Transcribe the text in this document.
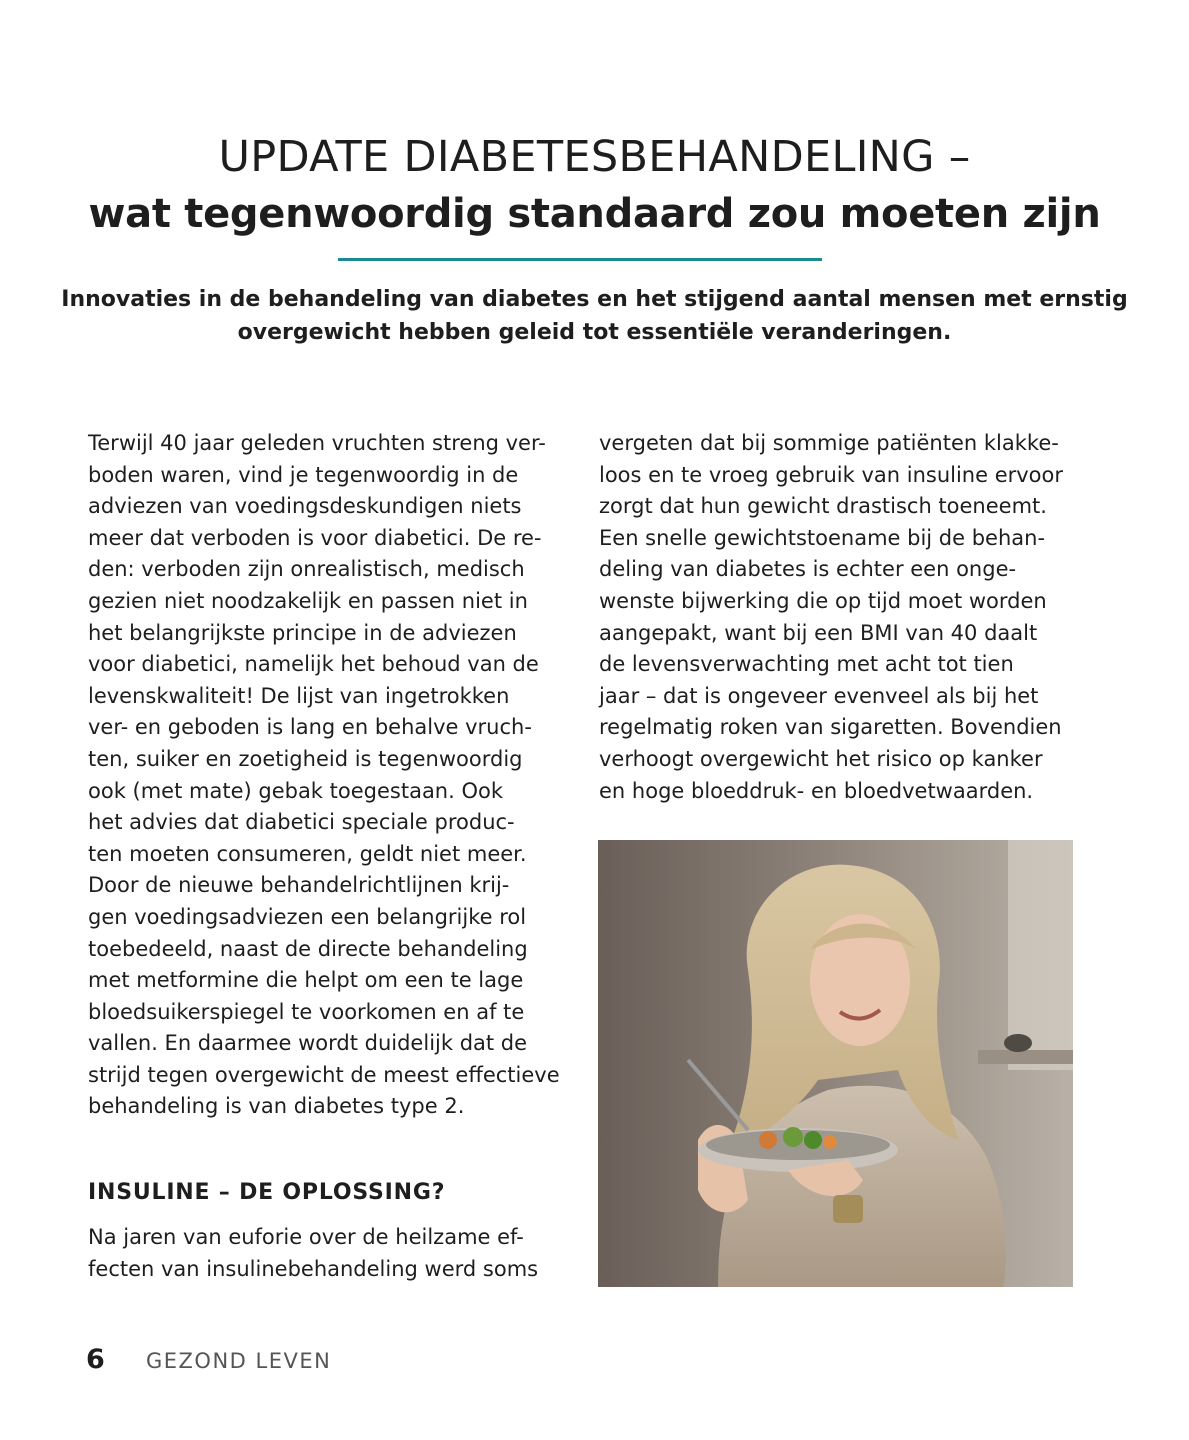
UPDATE DIABETESBEHANDELING –

wat tegenwoordig standaard zou moeten zijn

Innovaties in de behandeling van diabetes en het stijgend aantal mensen met ernstig overgewicht hebben geleid tot essentiële veranderingen.

Terwijl 40 jaar geleden vruchten streng ver-
boden waren, vind je tegenwoordig in de
adviezen van voedingsdeskundigen niets
meer dat verboden is voor diabetici. De re-
den: verboden zijn onrealistisch, medisch
gezien niet noodzakelijk en passen niet in
het belangrijkste principe in de adviezen
voor diabetici, namelijk het behoud van de
levenskwaliteit! De lijst van ingetrokken
ver- en geboden is lang en behalve vruch-
ten, suiker en zoetigheid is tegenwoordig
ook (met mate) gebak toegestaan. Ook
het advies dat diabetici speciale produc-
ten moeten consumeren, geldt niet meer.
Door de nieuwe behandelrichtlijnen krij-
gen voedingsadviezen een belangrijke rol
toebedeeld, naast de directe behandeling
met metformine die helpt om een te lage
bloedsuikerspiegel te voorkomen en af te
vallen. En daarmee wordt duidelijk dat de
strijd tegen overgewicht de meest effectieve
behandeling is van diabetes type 2.
INSULINE – DE OPLOSSING?
Na jaren van euforie over de heilzame ef-
fecten van insulinebehandeling werd soms
vergeten dat bij sommige patiënten klakke-
loos en te vroeg gebruik van insuline ervoor
zorgt dat hun gewicht drastisch toeneemt.
Een snelle gewichtstoename bij de behan-
deling van diabetes is echter een onge-
wenste bijwerking die op tijd moet worden
aangepakt, want bij een BMI van 40 daalt
de levensverwachting met acht tot tien
jaar – dat is ongeveer evenveel als bij het
regelmatig roken van sigaretten. Bovendien
verhoogt overgewicht het risico op kanker
en hoge bloeddruk- en bloedvetwaarden.
6 GEZOND LEVEN
